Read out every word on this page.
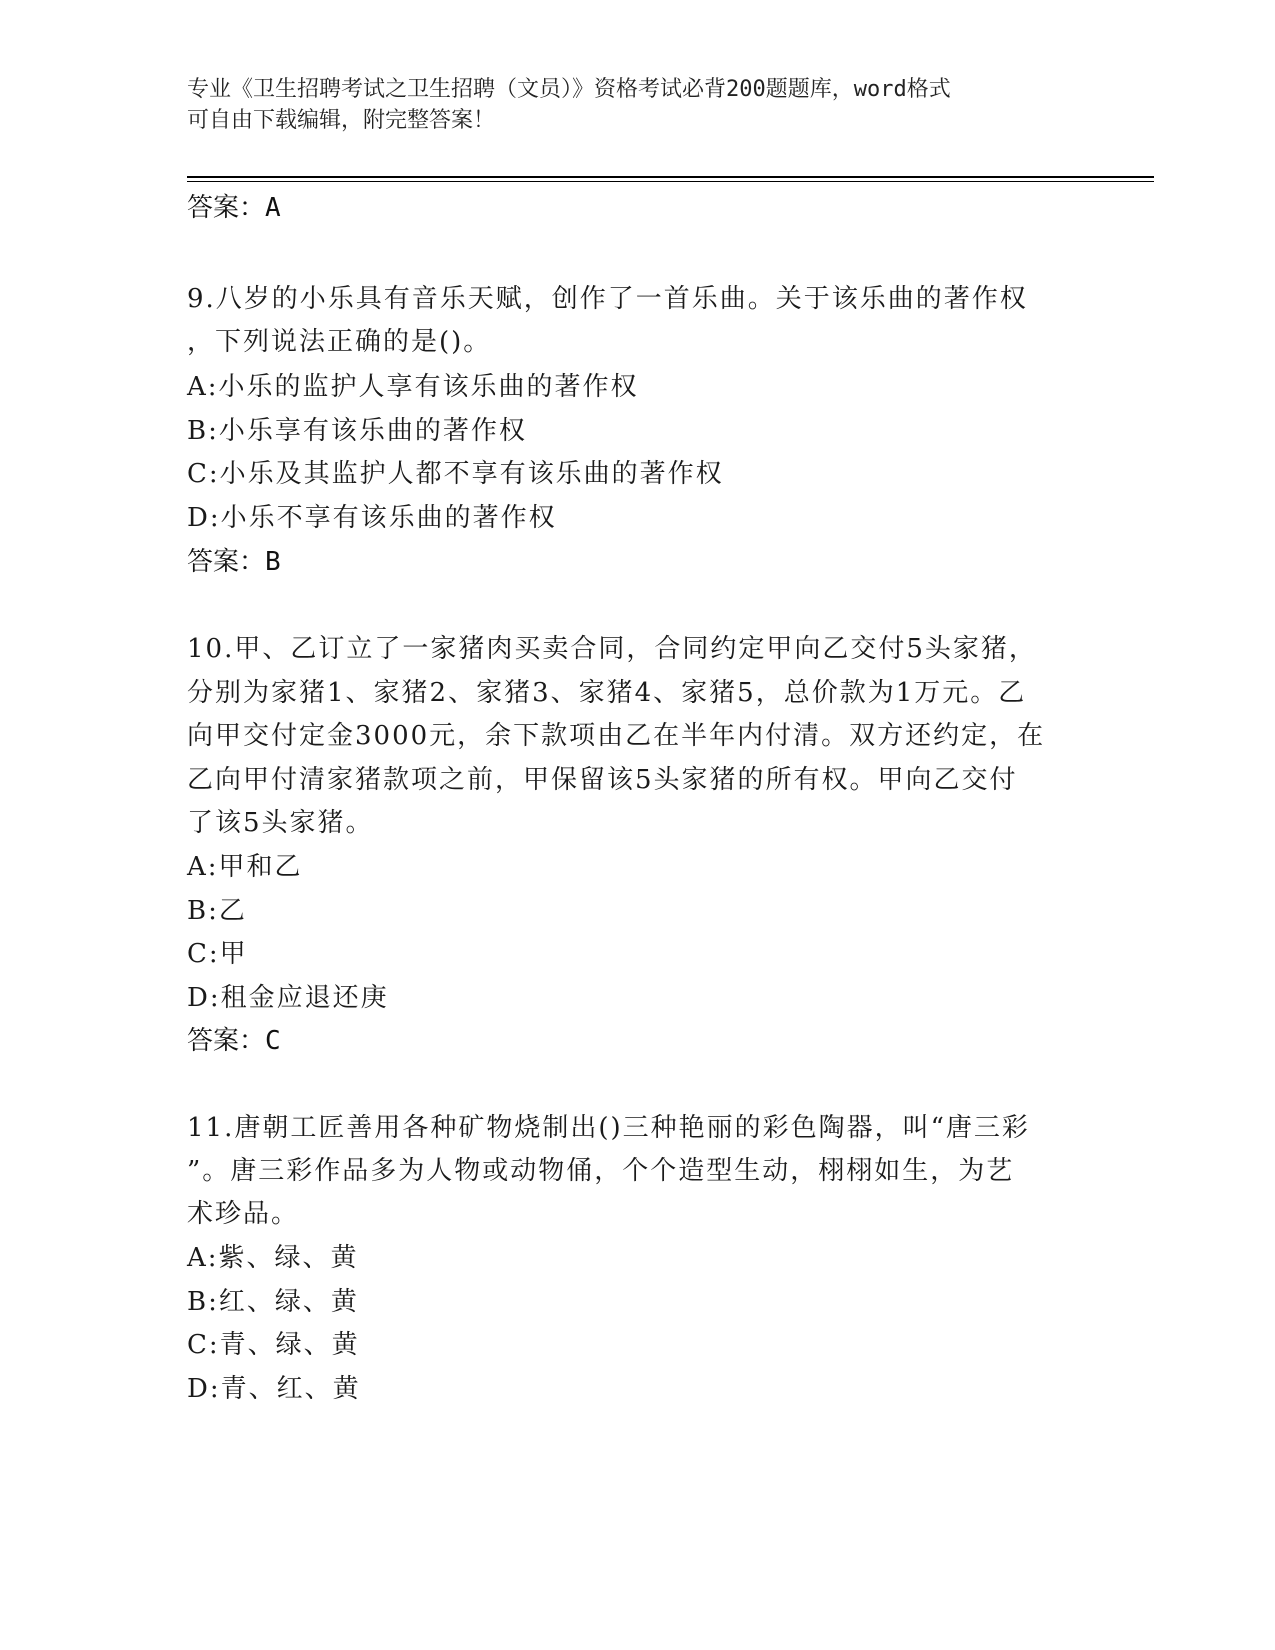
专业《卫生招聘考试之卫生招聘（文员）》资格考试必背200题题库，word格式
可自由下载编辑，附完整答案！
答案：A
9.八岁的小乐具有音乐天赋，创作了一首乐曲。关于该乐曲的著作权
，下列说法正确的是()。
A:小乐的监护人享有该乐曲的著作权
B:小乐享有该乐曲的著作权
C:小乐及其监护人都不享有该乐曲的著作权
D:小乐不享有该乐曲的著作权
答案：B
10.甲、乙订立了一家猪肉买卖合同，合同约定甲向乙交付5头家猪，
分别为家猪1、家猪2、家猪3、家猪4、家猪5，总价款为1万元。乙
向甲交付定金3000元，余下款项由乙在半年内付清。双方还约定，在
乙向甲付清家猪款项之前，甲保留该5头家猪的所有权。甲向乙交付
了该5头家猪。
A:甲和乙
B:乙
C:甲
D:租金应退还庚
答案：C
11.唐朝工匠善用各种矿物烧制出()三种艳丽的彩色陶器，叫“唐三彩
”。唐三彩作品多为人物或动物俑，个个造型生动，栩栩如生，为艺
术珍品。
A:紫、绿、黄
B:红、绿、黄
C:青、绿、黄
D:青、红、黄
